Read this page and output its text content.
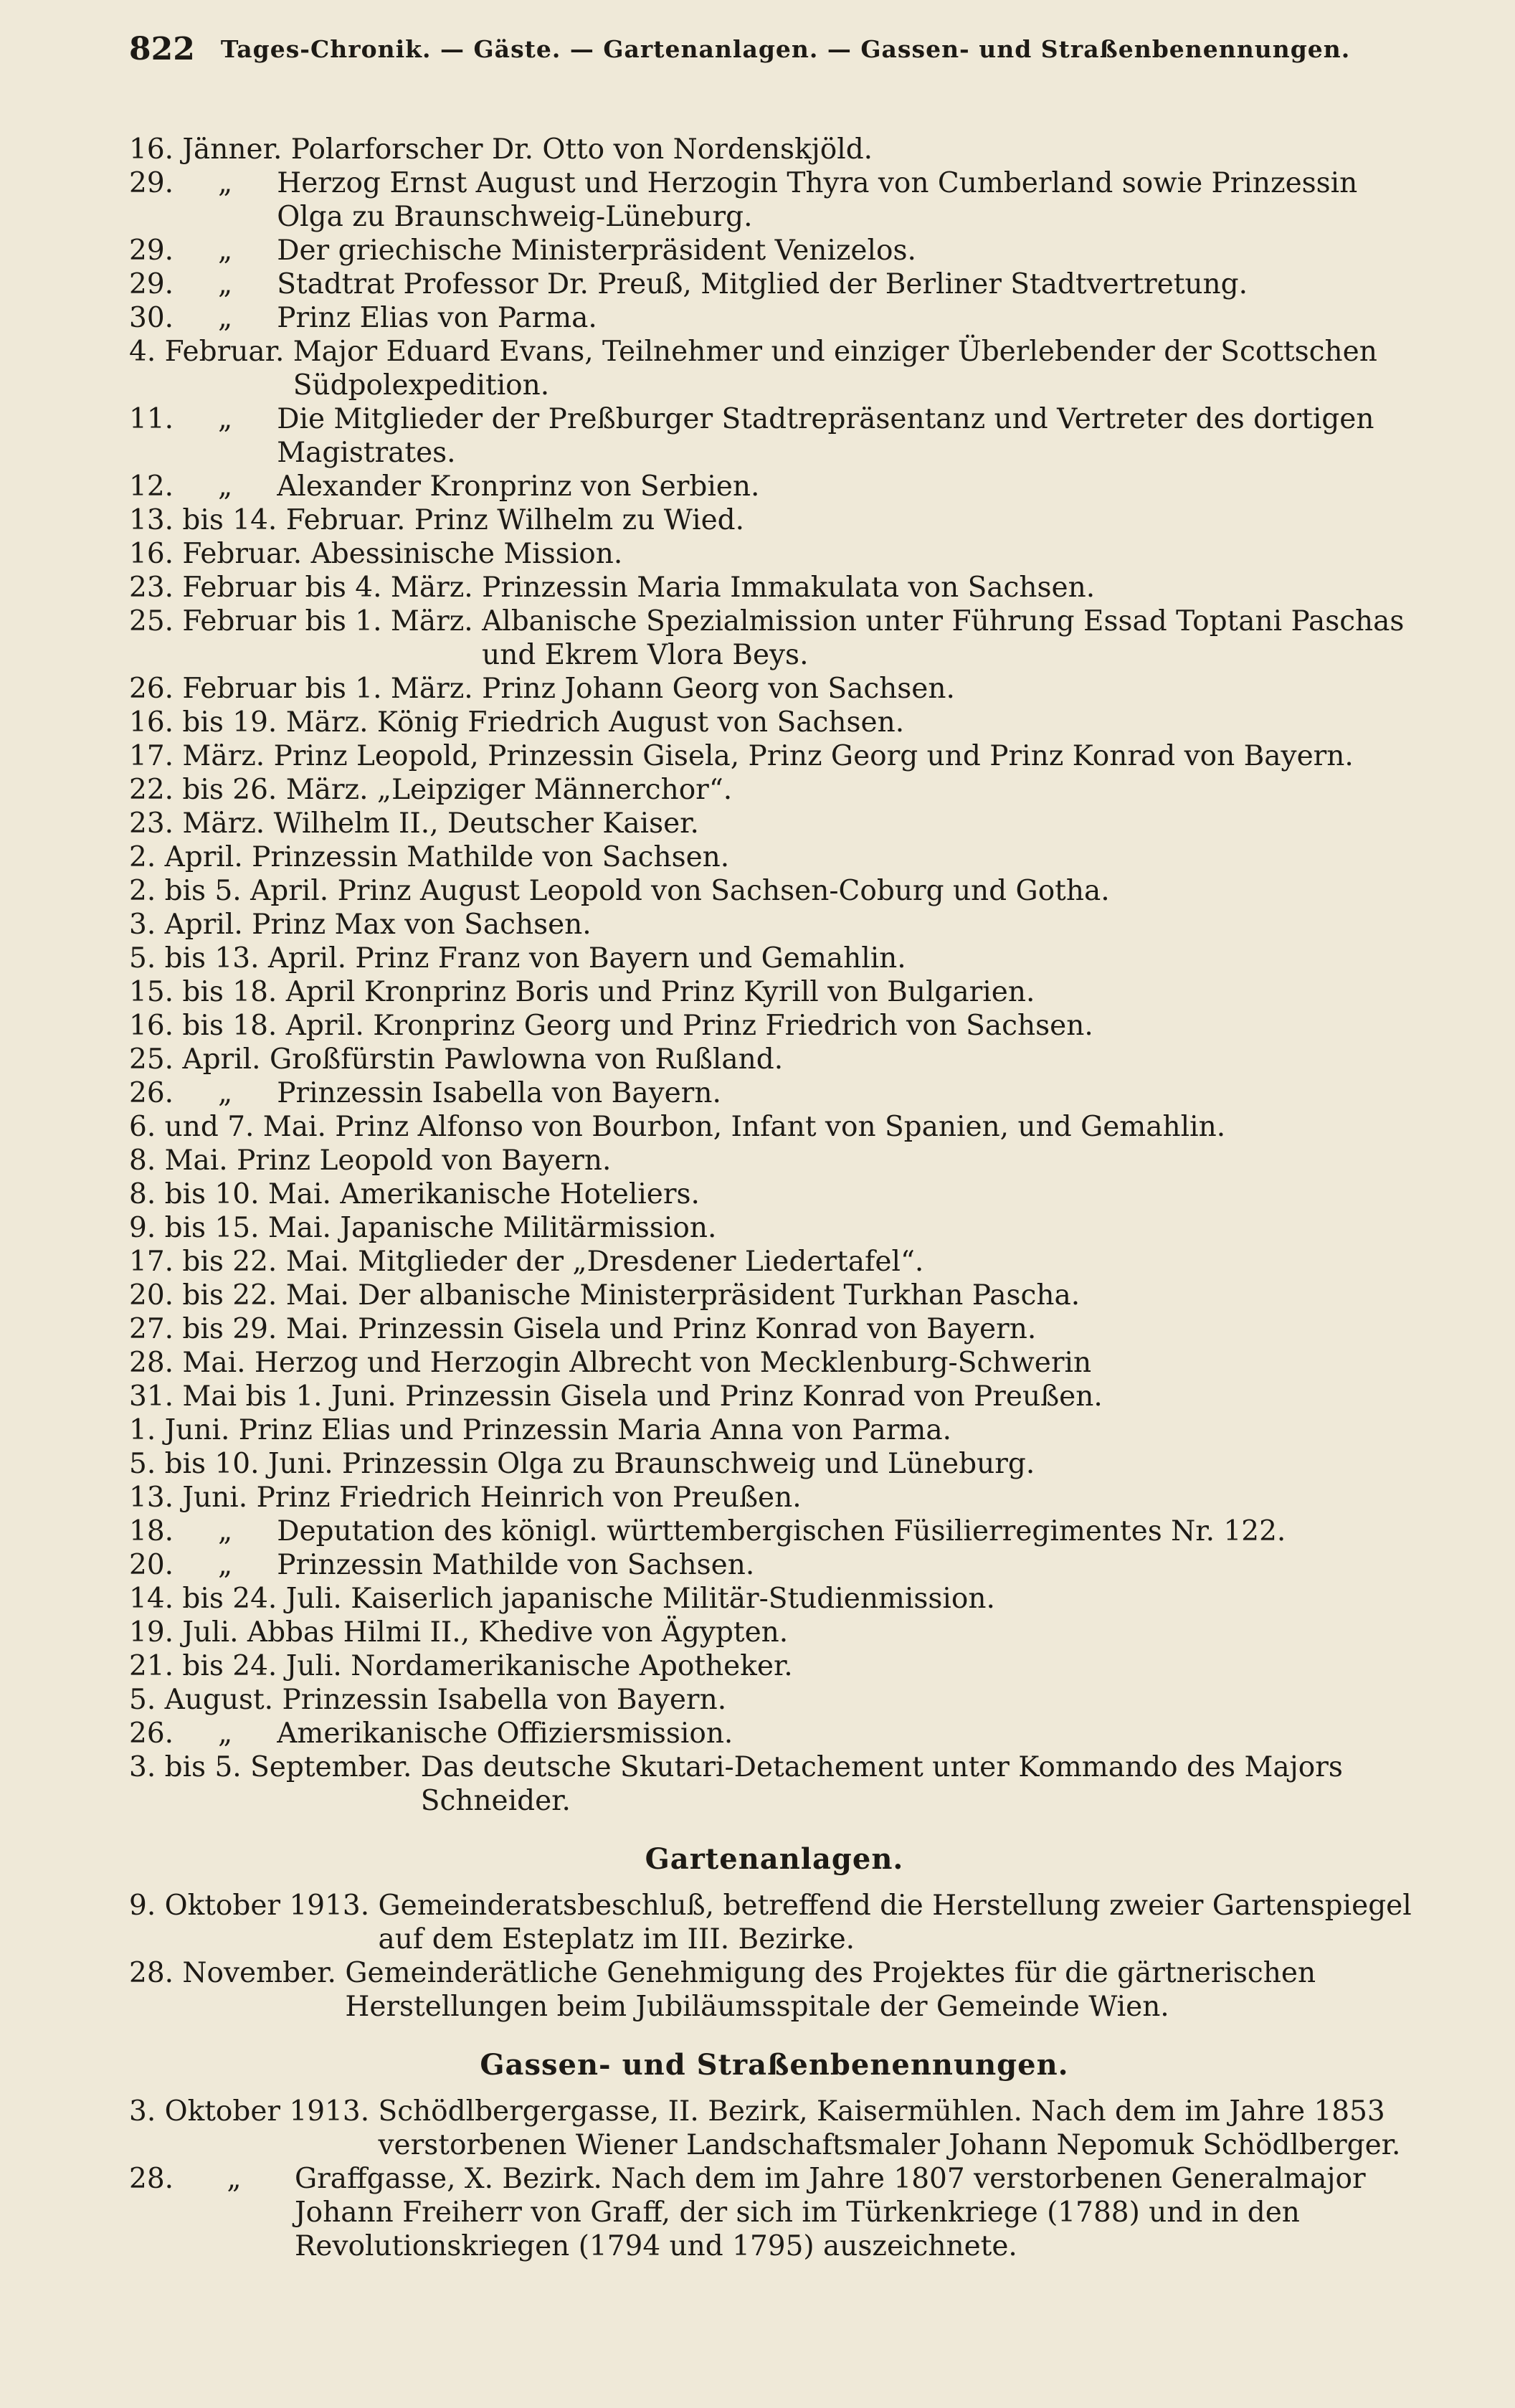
822 Tages-Chronik. — Gäste. — Gartenanlagen. — Gassen- und Straßenbenennungen.
16. Jänner. Polarforscher Dr. Otto von Nordenskjöld.
29.     „ Herzog Ernst August und Herzogin Thyra von Cumberland sowie Prinzessin Olga zu Braunschweig-Lüneburg.
29.     „ Der griechische Ministerpräsident Venizelos.
29.     „ Stadtrat Professor Dr. Preuß, Mitglied der Berliner Stadtvertretung.
30.     „ Prinz Elias von Parma.
4. Februar. Major Eduard Evans, Teilnehmer und einziger Überlebender der Scottschen Südpolexpedition.
11.     „ Die Mitglieder der Preßburger Stadtrepräsentanz und Vertreter des dortigen Magistrates.
12.     „ Alexander Kronprinz von Serbien.
13. bis 14. Februar. Prinz Wilhelm zu Wied.
16. Februar. Abessinische Mission.
23. Februar bis 4. März. Prinzessin Maria Immakulata von Sachsen.
25. Februar bis 1. März. Albanische Spezialmission unter Führung Essad Toptani Paschas und Ekrem Vlora Beys.
26. Februar bis 1. März. Prinz Johann Georg von Sachsen.
16. bis 19. März. König Friedrich August von Sachsen.
17. März. Prinz Leopold, Prinzessin Gisela, Prinz Georg und Prinz Konrad von Bayern.
22. bis 26. März. „Leipziger Männerchor“.
23. März. Wilhelm II., Deutscher Kaiser.
2. April. Prinzessin Mathilde von Sachsen.
2. bis 5. April. Prinz August Leopold von Sachsen-Coburg und Gotha.
3. April. Prinz Max von Sachsen.
5. bis 13. April. Prinz Franz von Bayern und Gemahlin.
15. bis 18. April Kronprinz Boris und Prinz Kyrill von Bulgarien.
16. bis 18. April. Kronprinz Georg und Prinz Friedrich von Sachsen.
25. April. Großfürstin Pawlowna von Rußland.
26.     „ Prinzessin Isabella von Bayern.
6. und 7. Mai. Prinz Alfonso von Bourbon, Infant von Spanien, und Gemahlin.
8. Mai. Prinz Leopold von Bayern.
8. bis 10. Mai. Amerikanische Hoteliers.
9. bis 15. Mai. Japanische Militärmission.
17. bis 22. Mai. Mitglieder der „Dresdener Liedertafel“.
20. bis 22. Mai. Der albanische Ministerpräsident Turkhan Pascha.
27. bis 29. Mai. Prinzessin Gisela und Prinz Konrad von Bayern.
28. Mai. Herzog und Herzogin Albrecht von Mecklenburg-Schwerin
31. Mai bis 1. Juni. Prinzessin Gisela und Prinz Konrad von Preußen.
1. Juni. Prinz Elias und Prinzessin Maria Anna von Parma.
5. bis 10. Juni. Prinzessin Olga zu Braunschweig und Lüneburg.
13. Juni. Prinz Friedrich Heinrich von Preußen.
18.     „ Deputation des königl. württembergischen Füsilierregimentes Nr. 122.
20.     „ Prinzessin Mathilde von Sachsen.
14. bis 24. Juli. Kaiserlich japanische Militär-Studienmission.
19. Juli. Abbas Hilmi II., Khedive von Ägypten.
21. bis 24. Juli. Nordamerikanische Apotheker.
5. August. Prinzessin Isabella von Bayern.
26.     „ Amerikanische Offiziersmission.
3. bis 5. September. Das deutsche Skutari-Detachement unter Kommando des Majors Schneider.
Gartenanlagen.
9. Oktober 1913. Gemeinderatsbeschluß, betreffend die Herstellung zweier Gartenspiegel auf dem Esteplatz im III. Bezirke.
28. November. Gemeinderätliche Genehmigung des Projektes für die gärtnerischen Herstellungen beim Jubiläumsspitale der Gemeinde Wien.
Gassen- und Straßenbenennungen.
3. Oktober 1913. Schödlbergergasse, II. Bezirk, Kaisermühlen. Nach dem im Jahre 1853 verstorbenen Wiener Landschaftsmaler Johann Nepomuk Schödlberger.
28.      „ Graffgasse, X. Bezirk. Nach dem im Jahre 1807 verstorbenen Generalmajor Johann Freiherr von Graff, der sich im Türkenkriege (1788) und in den Revolutionskriegen (1794 und 1795) auszeichnete.
